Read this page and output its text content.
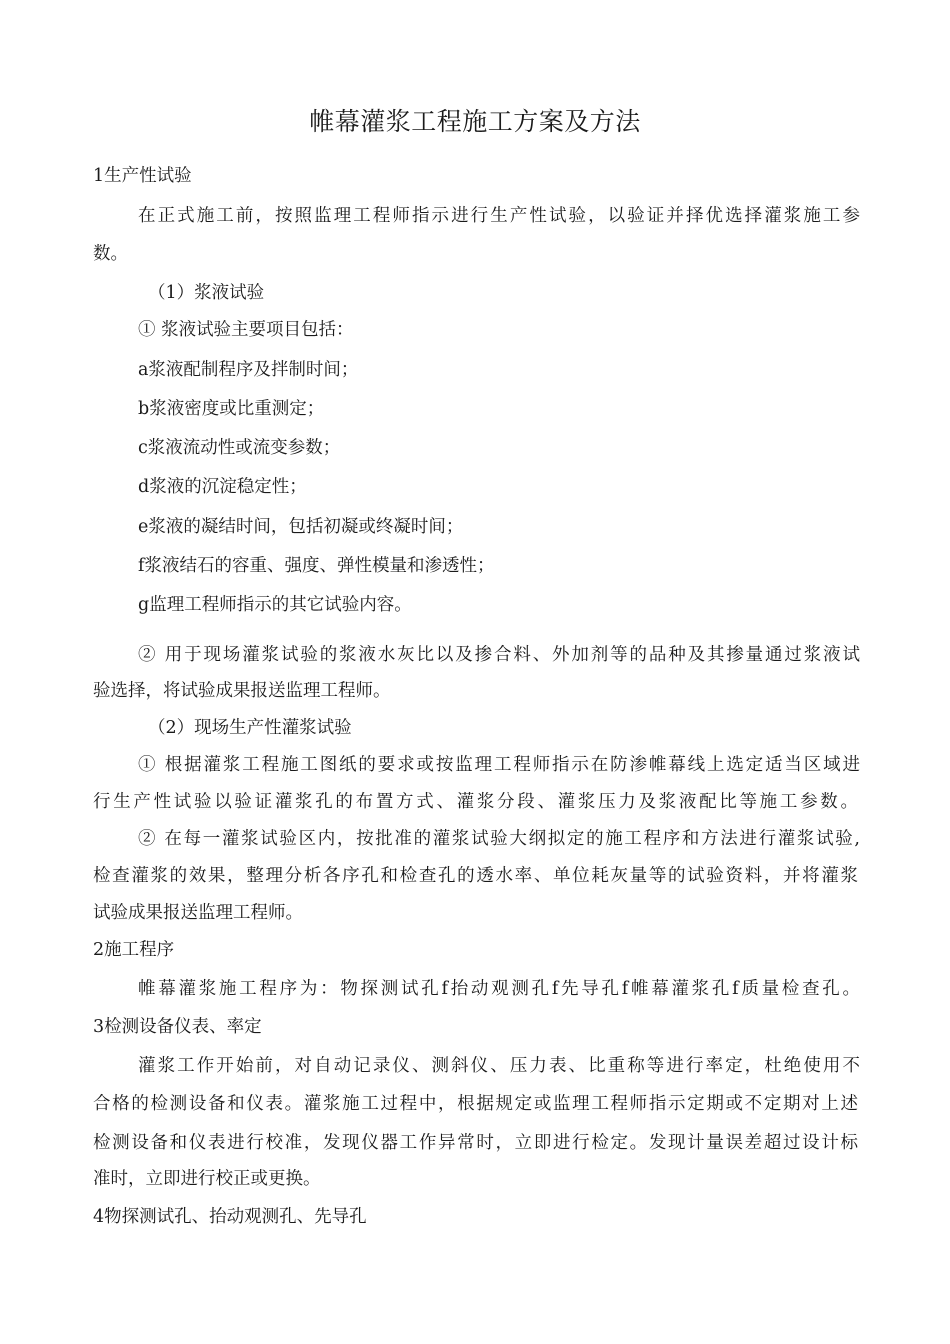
帷幕灌浆工程施工方案及方法
1生产性试验
在正式施工前，按照监理工程师指示进行生产性试验，以验证并择优选择灌浆施工参
数。
（1）浆液试验
① 浆液试验主要项目包括：
a浆液配制程序及拌制时间；
b浆液密度或比重测定；
c浆液流动性或流变参数；
d浆液的沉淀稳定性；
e浆液的凝结时间，包括初凝或终凝时间；
f浆液结石的容重、强度、弹性模量和渗透性；
g监理工程师指示的其它试验内容。
② 用于现场灌浆试验的浆液水灰比以及掺合料、外加剂等的品种及其掺量通过浆液试
验选择，将试验成果报送监理工程师。
（2）现场生产性灌浆试验
① 根据灌浆工程施工图纸的要求或按监理工程师指示在防渗帷幕线上选定适当区域进
行生产性试验以验证灌浆孔的布置方式、灌浆分段、灌浆压力及浆液配比等施工参数。
② 在每一灌浆试验区内，按批准的灌浆试验大纲拟定的施工程序和方法进行灌浆试验,
检查灌浆的效果，整理分析各序孔和检查孔的透水率、单位耗灰量等的试验资料，并将灌浆
试验成果报送监理工程师。
2施工程序
帷幕灌浆施工程序为：物探测试孔f抬动观测孔f先导孔f帷幕灌浆孔f质量检查孔。
3检测设备仪表、率定
灌浆工作开始前，对自动记录仪、测斜仪、压力表、比重称等进行率定，杜绝使用不
合格的检测设备和仪表。灌浆施工过程中，根据规定或监理工程师指示定期或不定期对上述
检测设备和仪表进行校准，发现仪器工作异常时，立即进行检定。发现计量误差超过设计标
准时，立即进行校正或更换。
4物探测试孔、抬动观测孔、先导孔
